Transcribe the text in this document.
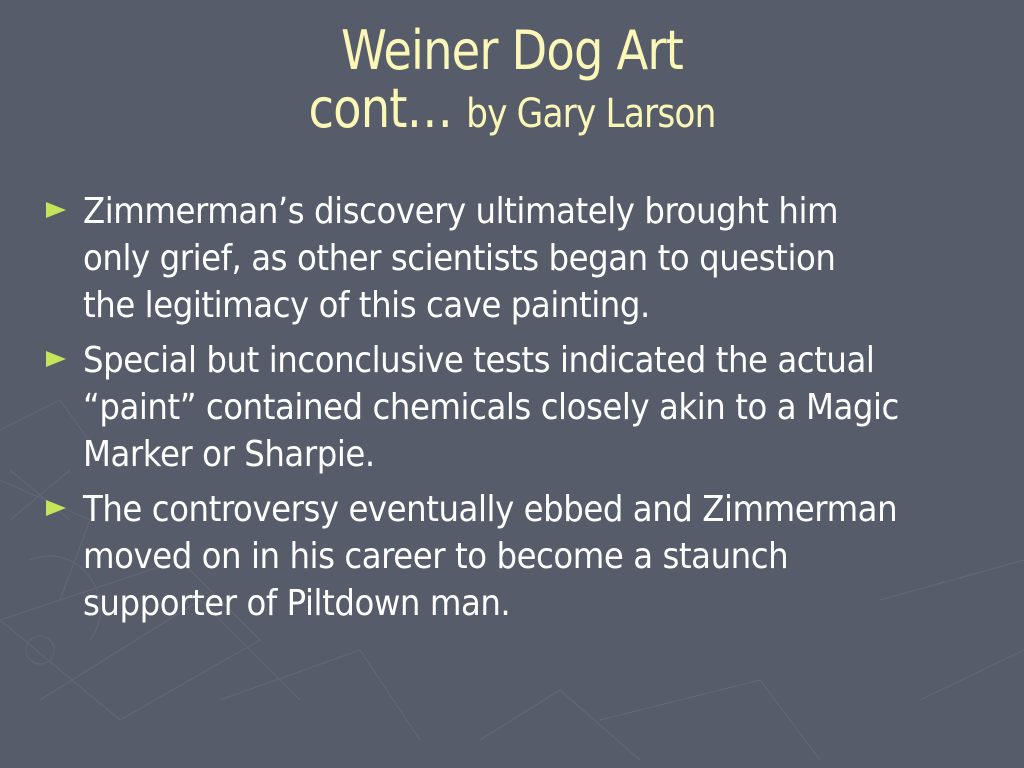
Weiner Dog Art
cont… by Gary Larson
Zimmerman’s discovery ultimately brought him
only grief, as other scientists began to question
the legitimacy of this cave painting.
Special but inconclusive tests indicated the actual
“paint” contained chemicals closely akin to a Magic
Marker or Sharpie.
The controversy eventually ebbed and Zimmerman
moved on in his career to become a staunch
supporter of Piltdown man.
